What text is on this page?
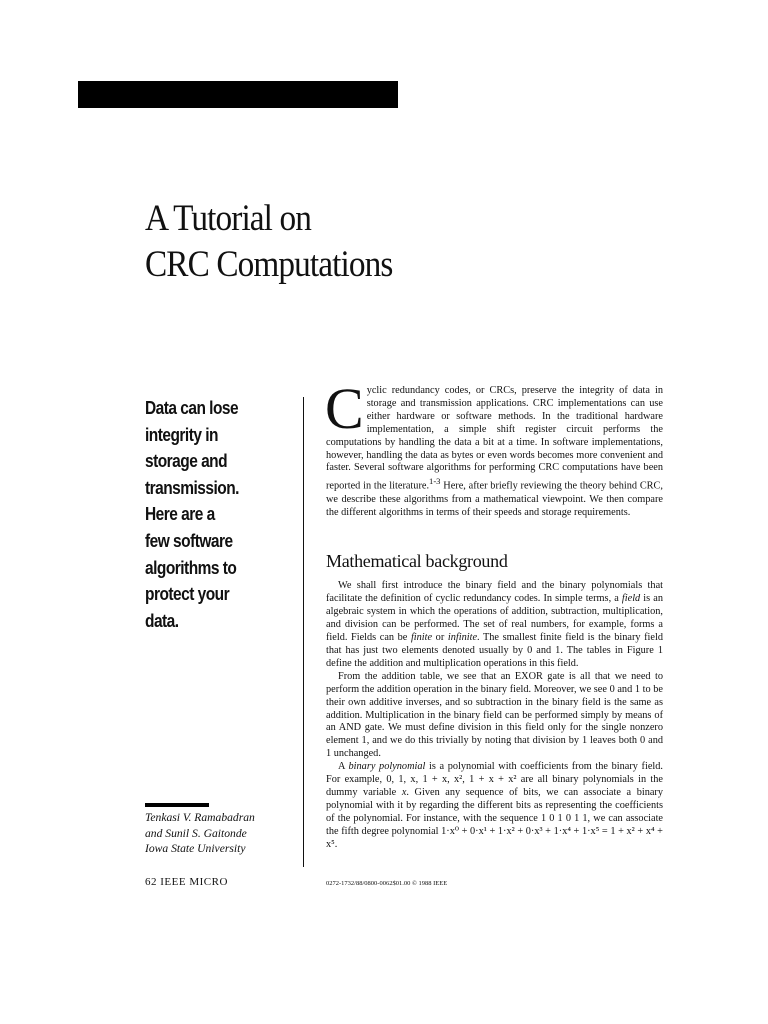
A Tutorial on
CRC Computations
Data can lose
integrity in
storage and
transmission.
Here are a
few software
algorithms to
protect your
data.
Tenkasi V. Ramabadran
and Sunil S. Gaitonde
Iowa State University

Cyclic redundancy codes, or CRCs, preserve the integrity of data in storage and transmission applications. CRC implementations can use either hardware or software methods. In the traditional hardware implementation, a simple shift register circuit performs the computations by handling the data a bit at a time. In software implementations, however, handling the data as bytes or even words becomes more convenient and faster. Several software algorithms for performing CRC computations have been reported in the literature.$^{1-3}$ Here, after briefly reviewing the theory behind CRC, we describe these algorithms from a mathematical viewpoint. We then compare the different algorithms in terms of their speeds and storage requirements.

Mathematical background

We shall first introduce the binary field and the binary polynomials that facilitate the definition of cyclic redundancy codes. In simple terms, a field is an algebraic system in which the operations of addition, subtraction, multiplication, and division can be performed. The set of real numbers, for example, forms a field. Fields can be finite or infinite. The smallest finite field is the binary field that has just two elements denoted usually by 0 and 1. The tables in Figure 1 define the addition and multiplication operations in this field.

From the addition table, we see that an EXOR gate is all that we need to perform the addition operation in the binary field. Moreover, we see 0 and 1 to be their own additive inverses, and so subtraction in the binary field is the same as addition. Multiplication in the binary field can be performed simply by means of an AND gate. We must define division in this field only for the single nonzero element 1, and we do this trivially by noting that division by 1 leaves both 0 and 1 unchanged.

A binary polynomial is a polynomial with coefficients from the binary field. For example, 0, 1, x, 1 + x, x², 1 + x + x² are all binary polynomials in the dummy variable x. Given any sequence of bits, we can associate a binary polynomial with it by regarding the different bits as representing the coefficients of the polynomial. For instance, with the sequence 1 0 1 0 1 1, we can associate the fifth degree polynomial 1·x⁰ + 0·x¹ + 1·x² + 0·x³ + 1·x⁴ + 1·x⁵ = 1 + x² + x⁴ + x⁵.

62 IEEE MICRO	0272-1732/88/0800-0062$01.00 © 1988 IEEE
